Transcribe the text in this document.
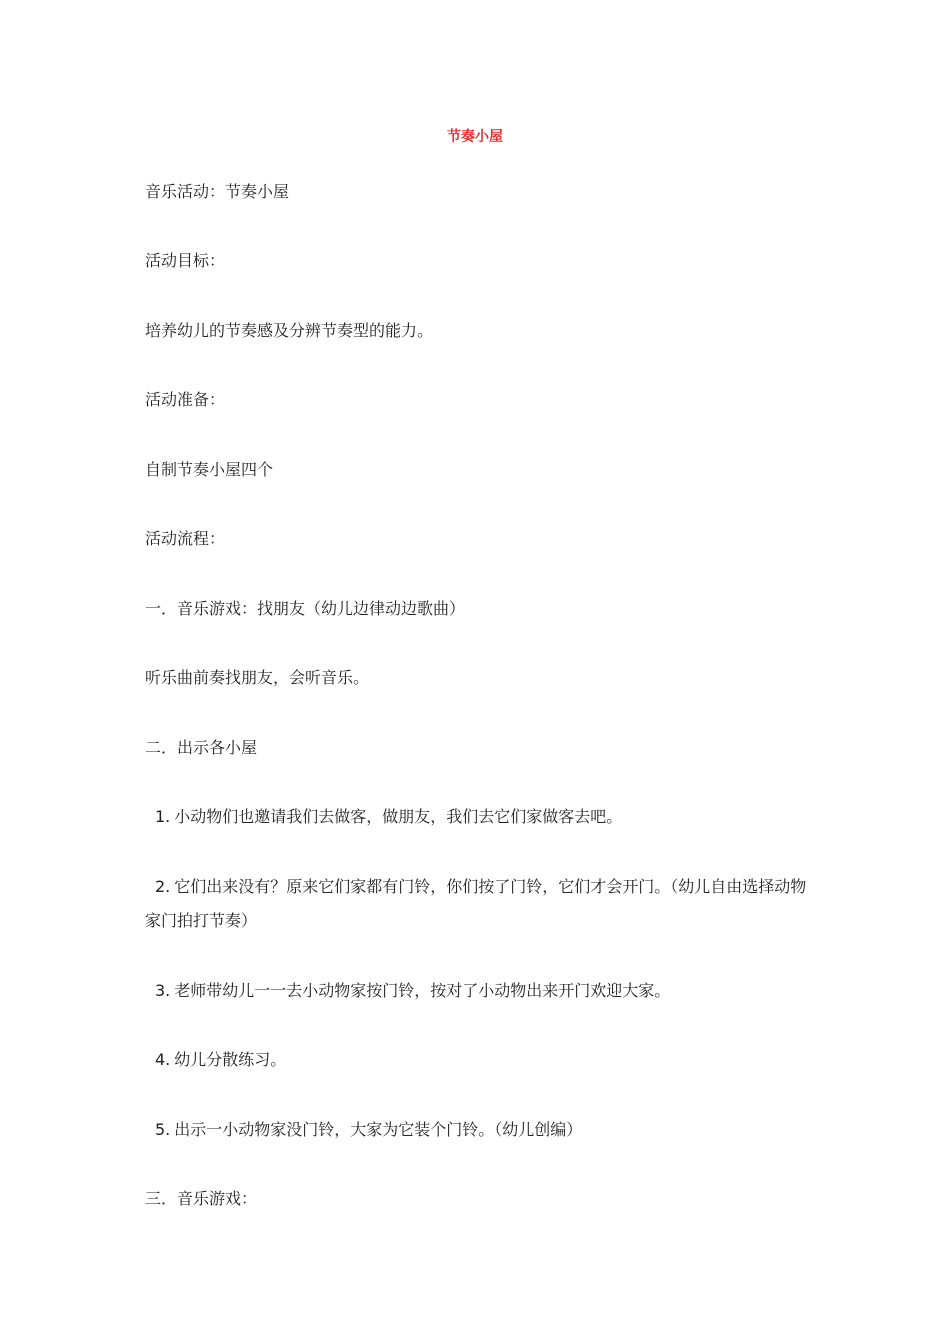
节奏小屋
音乐活动：节奏小屋
活动目标：
培养幼儿的节奏感及分辨节奏型的能力。
活动准备：
自制节奏小屋四个
活动流程：
一．音乐游戏：找朋友（幼儿边律动边歌曲）
听乐曲前奏找朋友，会听音乐。
二．出示各小屋
1. 小动物们也邀请我们去做客，做朋友，我们去它们家做客去吧。
2. 它们出来没有？原来它们家都有门铃，你们按了门铃，它们才会开门。（幼儿自由选择动物家门拍打节奏）
3. 老师带幼儿一一去小动物家按门铃，按对了小动物出来开门欢迎大家。
4. 幼儿分散练习。
5. 出示一小动物家没门铃，大家为它装个门铃。（幼儿创编）
三．音乐游戏：
